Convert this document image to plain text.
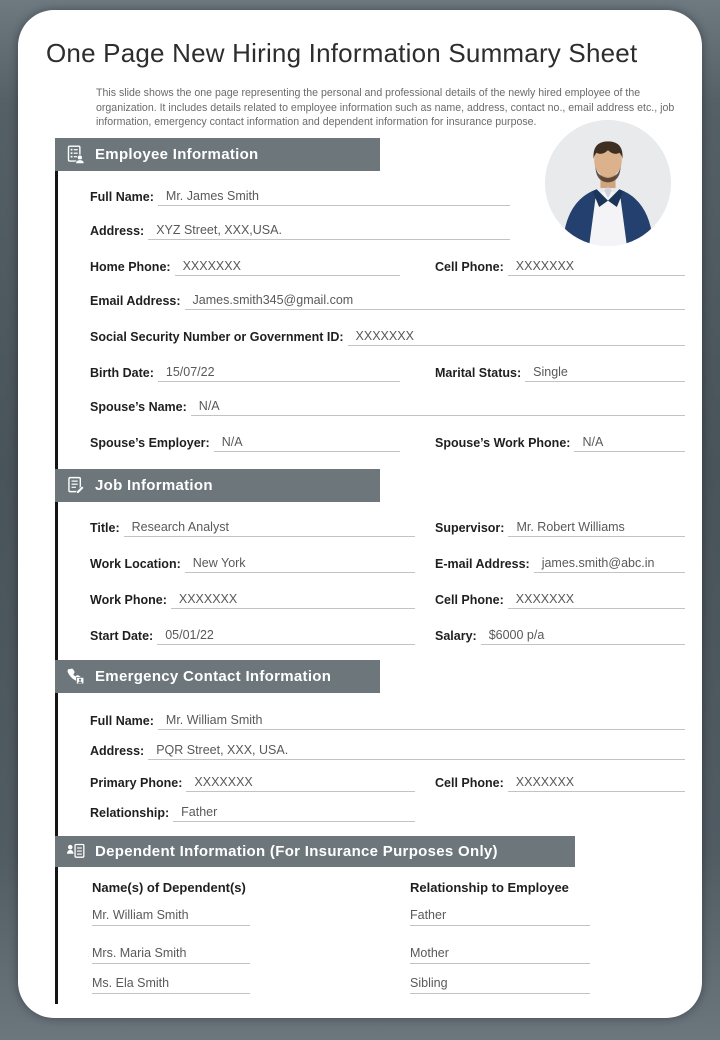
One Page New Hiring Information Summary Sheet
This slide shows the one page representing the personal and professional details of the newly hired employee of the organization. It includes details related to employee information such as name, address, contact no., email address etc., job information, emergency contact information and dependent information for insurance purpose.
Employee Information
Full Name: Mr. James Smith
Address: XYZ Street, XXX,USA.
Home Phone: XXXXXXX	Cell Phone: XXXXXXX
Email Address: James.smith345@gmail.com
Social Security Number or Government ID: XXXXXXX
Birth Date: 15/07/22	Marital Status: Single
Spouse’s Name: N/A
Spouse’s Employer: N/A	Spouse’s Work Phone: N/A
Job Information
Title: Research Analyst	Supervisor: Mr. Robert Williams
Work Location: New York	E-mail Address: james.smith@abc.in
Work Phone: XXXXXXX	Cell Phone: XXXXXXX
Start Date: 05/01/22	Salary: $6000 p/a
Emergency Contact Information
Full Name: Mr. William Smith
Address: PQR Street, XXX, USA.
Primary Phone: XXXXXXX	Cell Phone: XXXXXXX
Relationship: Father
Dependent Information (For Insurance Purposes Only)
Name(s) of Dependent(s)	Relationship to Employee
Mr. William Smith	Father
Mrs. Maria Smith	Mother
Ms. Ela Smith	Sibling
